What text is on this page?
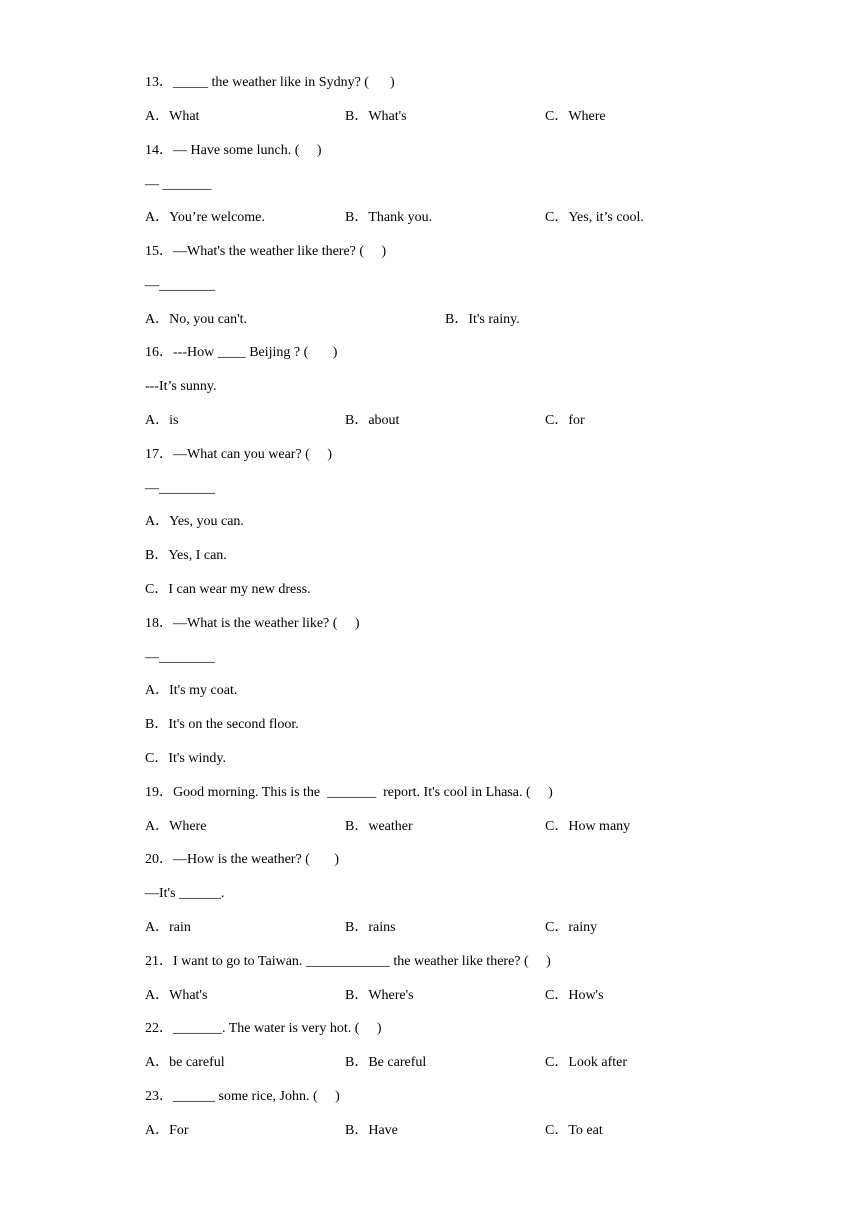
13．_____ the weather like in Sydny? (      )
A．What	B．What's	C．Where
14．— Have some lunch. (     )
— _______
A．You’re welcome.	B．Thank you.	C．Yes, it’s cool.
15．—What's the weather like there? (     )
—________
A．No, you can't.	B．It's rainy.
16．---How ____ Beijing ? (       )
---It’s sunny.
A．is	B．about	C．for
17．—What can you wear? (     )
—________
A．Yes, you can.
B．Yes, I can.
C．I can wear my new dress.
18．—What is the weather like? (     )
—________
A．It's my coat.
B．It's on the second floor.
C．It's windy.
19．Good morning. This is the  _______  report. It's cool in Lhasa. (     )
A．Where	B．weather	C．How many
20．—How is the weather? (       )
—It's ______.
A．rain	B．rains	C．rainy
21．I want to go to Taiwan. ____________ the weather like there? (     )
A．What's	B．Where's	C．How's
22．_______. The water is very hot. (     )
A．be careful	B．Be careful	C．Look after
23．______ some rice, John. (     )
A．For	B．Have	C．To eat
